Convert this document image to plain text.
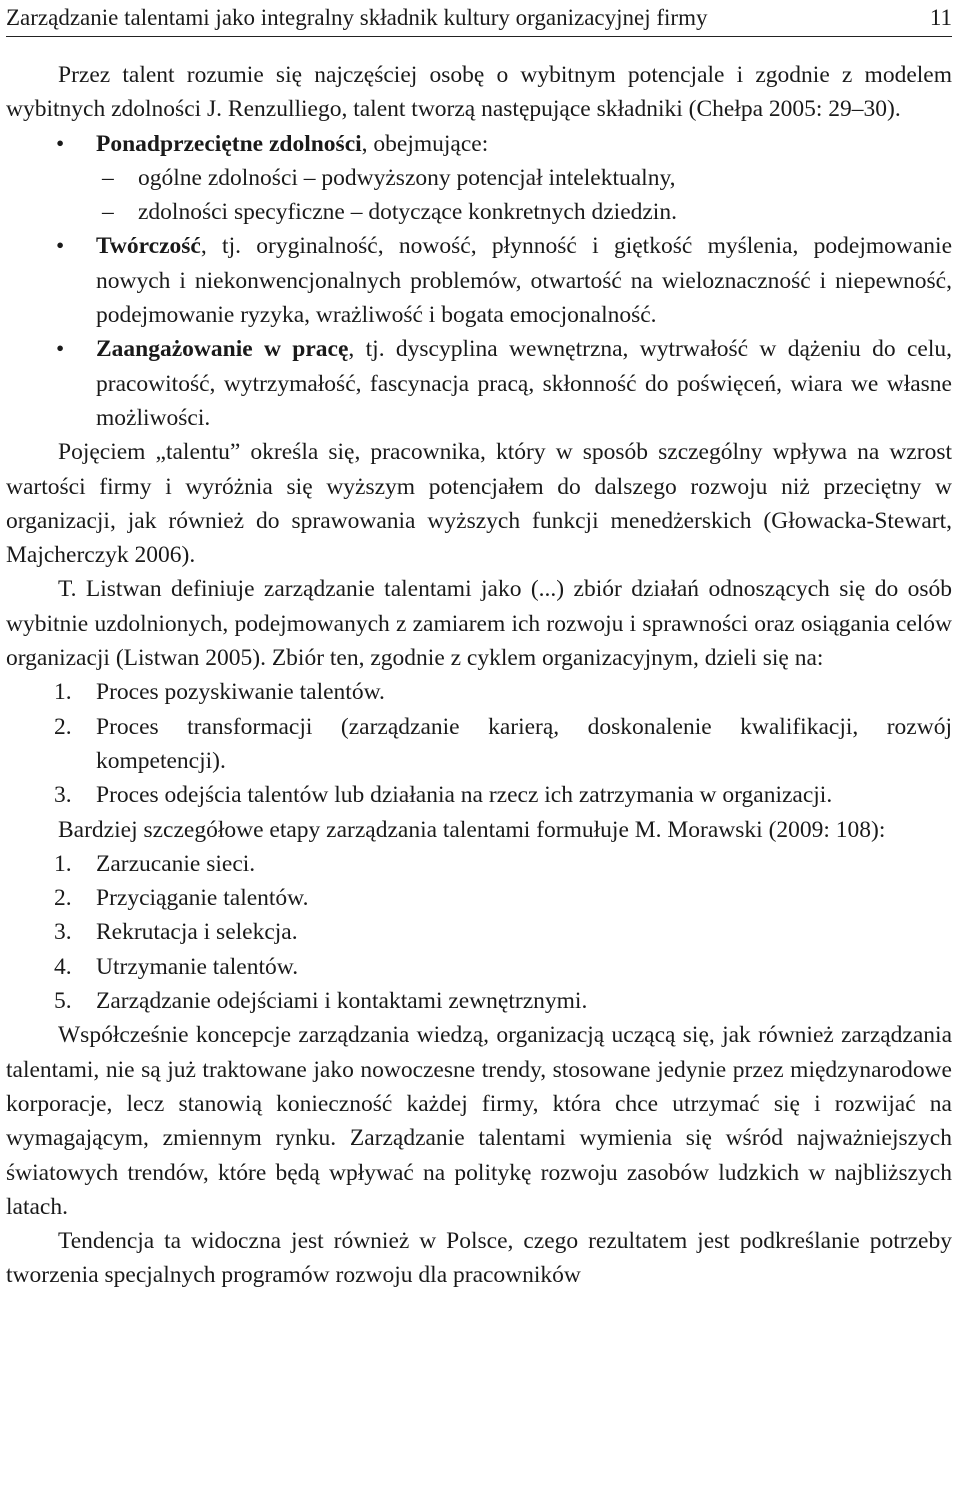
Zarządzanie talentami jako integralny składnik kultury organizacyjnej firmy	11

Przez talent rozumie się najczęściej osobę o wybitnym potencjale i zgodnie z modelem wybitnych zdolności J. Renzulliego, talent tworzą następujące składniki (Chełpa 2005: 29–30).

• Ponadprzeciętne zdolności, obejmujące:
– ogólne zdolności – podwyższony potencjał intelektualny,
– zdolności specyficzne – dotyczące konkretnych dziedzin.
• Twórczość, tj. oryginalność, nowość, płynność i giętkość myślenia, podejmowanie nowych i niekonwencjonalnych problemów, otwartość na wieloznaczność i niepewność, podejmowanie ryzyka, wrażliwość i bogata emocjonalność.
• Zaangażowanie w pracę, tj. dyscyplina wewnętrzna, wytrwałość w dążeniu do celu, pracowitość, wytrzymałość, fascynacja pracą, skłonność do poświęceń, wiara we własne możliwości.

Pojęciem „talentu” określa się, pracownika, który w sposób szczególny wpływa na wzrost wartości firmy i wyróżnia się wyższym potencjałem do dalszego rozwoju niż przeciętny w organizacji, jak również do sprawowania wyższych funkcji menedżerskich (Głowacka-Stewart, Majcherczyk 2006).

T. Listwan definiuje zarządzanie talentami jako (...) zbiór działań odnoszących się do osób wybitnie uzdolnionych, podejmowanych z zamiarem ich rozwoju i sprawności oraz osiągania celów organizacji (Listwan 2005). Zbiór ten, zgodnie z cyklem organizacyjnym, dzieli się na:

1. Proces pozyskiwanie talentów.
2. Proces transformacji (zarządzanie karierą, doskonalenie kwalifikacji, rozwój kompetencji).
3. Proces odejścia talentów lub działania na rzecz ich zatrzymania w organizacji.

Bardziej szczegółowe etapy zarządzania talentami formułuje M. Morawski (2009: 108):

1. Zarzucanie sieci.
2. Przyciąganie talentów.
3. Rekrutacja i selekcja.
4. Utrzymanie talentów.
5. Zarządzanie odejściami i kontaktami zewnętrznymi.

Współcześnie koncepcje zarządzania wiedzą, organizacją uczącą się, jak również zarządzania talentami, nie są już traktowane jako nowoczesne trendy, stosowane jedynie przez międzynarodowe korporacje, lecz stanowią konieczność każdej firmy, która chce utrzymać się i rozwijać na wymagającym, zmiennym rynku. Zarządzanie talentami wymienia się wśród najważniejszych światowych trendów, które będą wpływać na politykę rozwoju zasobów ludzkich w najbliższych latach.

Tendencja ta widoczna jest również w Polsce, czego rezultatem jest podkreślanie potrzeby tworzenia specjalnych programów rozwoju dla pracowników
